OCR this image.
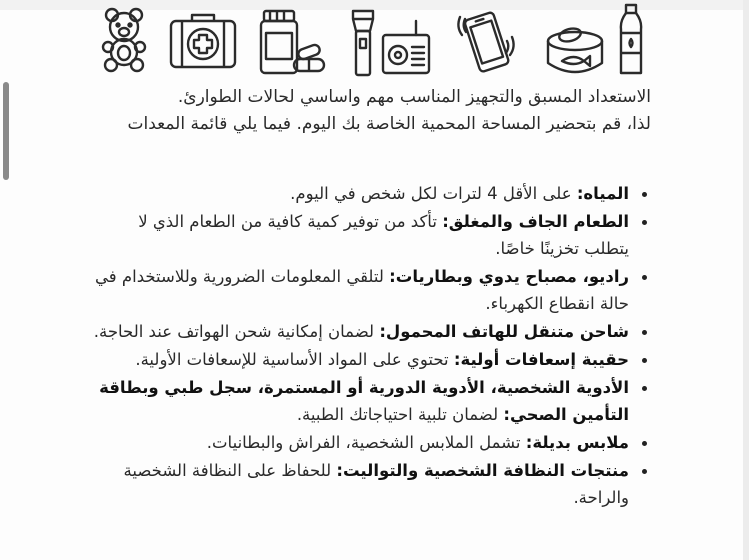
الاستعداد المسبق والتجهيز المناسب مهم واساسي لحالات الطوارئ.

لذا، قم بتحضير المساحة المحمية الخاصة بك اليوم. فيما يلي قائمة المعدات

المياه: على الأقل 4 لترات لكل شخص في اليوم.
الطعام الجاف والمغلق: تأكد من توفير كمية كافية من الطعام الذي لا يتطلب تخزينًا خاصًا.
راديو، مصباح يدوي وبطاريات: لتلقي المعلومات الضرورية وللاستخدام في حالة انقطاع الكهرباء.
شاحن متنقل للهاتف المحمول: لضمان إمكانية شحن الهواتف عند الحاجة.
حقيبة إسعافات أولية: تحتوي على المواد الأساسية للإسعافات الأولية.
الأدوية الشخصية، الأدوية الدورية أو المستمرة، سجل طبي وبطاقة التأمين الصحي: لضمان تلبية احتياجاتك الطبية.
ملابس بديلة: تشمل الملابس الشخصية، الفراش والبطانيات.
منتجات النظافة الشخصية والتواليت: للحفاظ على النظافة الشخصية والراحة.
